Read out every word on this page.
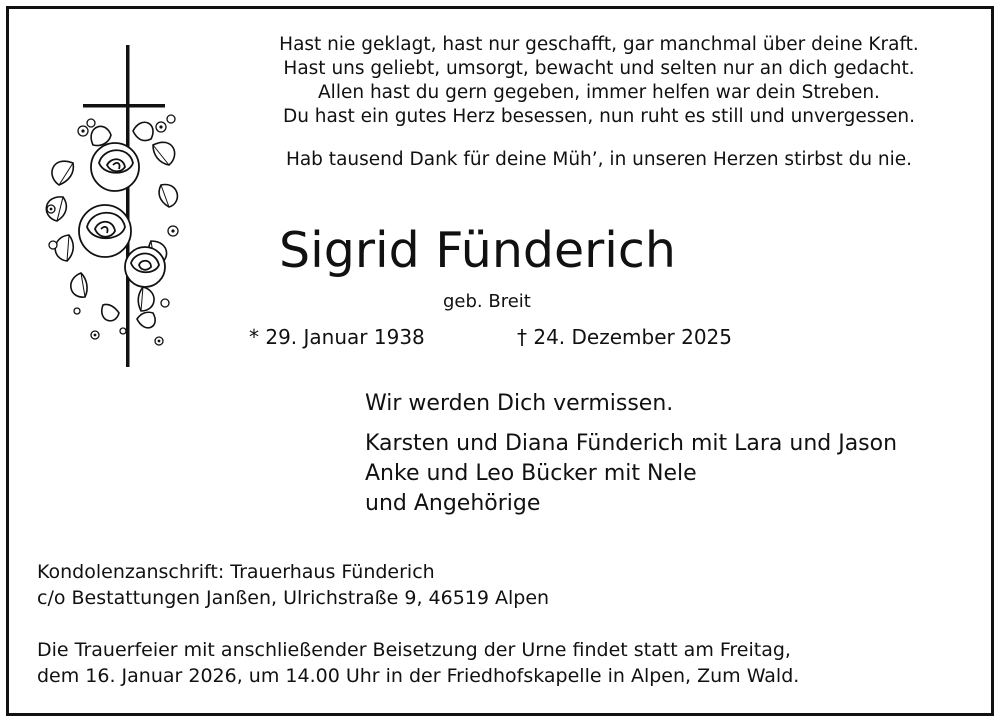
Hast nie geklagt, hast nur geschafft, gar manchmal über deine Kraft.
Hast uns geliebt, umsorgt, bewacht und selten nur an dich gedacht.
Allen hast du gern gegeben, immer helfen war dein Streben.
Du hast ein gutes Herz besessen, nun ruht es still und unvergessen.
Hab tausend Dank für deine Müh’, in unseren Herzen stirbst du nie.
Sigrid Fünderich
geb. Breit
* 29. Januar 1938	† 24. Dezember 2025
Wir werden Dich vermissen.
Karsten und Diana Fünderich mit Lara und Jason
Anke und Leo Bücker mit Nele
und Angehörige
Kondolenzanschrift: Trauerhaus Fünderich
c/o Bestattungen Janßen, Ulrichstraße 9, 46519 Alpen
Die Trauerfeier mit anschließender Beisetzung der Urne findet statt am Freitag,
dem 16. Januar 2026, um 14.00 Uhr in der Friedhofskapelle in Alpen, Zum Wald.
